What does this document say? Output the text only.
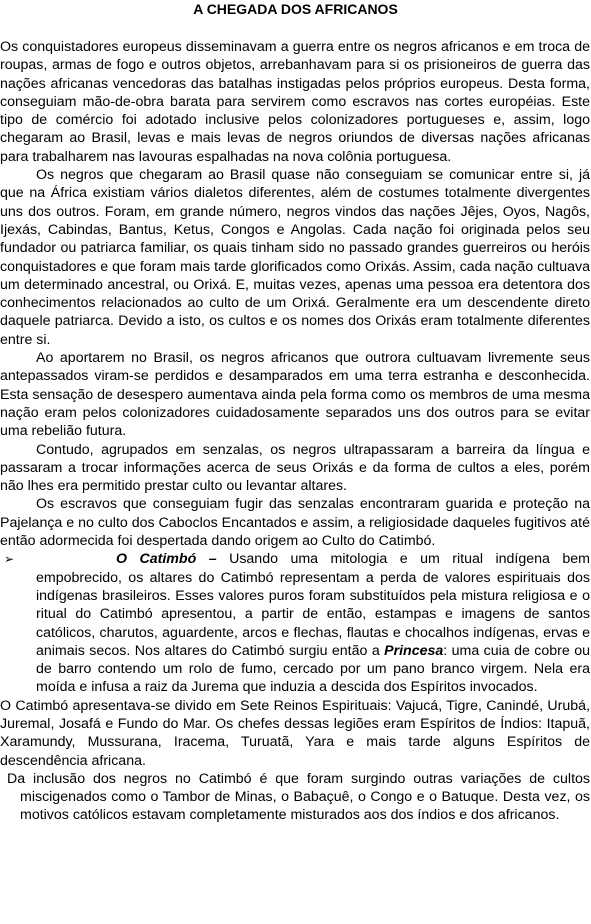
A CHEGADA DOS AFRICANOS

Os conquistadores europeus disseminavam a guerra entre os negros africanos e em troca de roupas, armas de fogo e outros objetos, arrebanhavam para si os prisioneiros de guerra das nações africanas vencedoras das batalhas instigadas pelos próprios europeus. Desta forma, conseguiam mão-de-obra barata para servirem como escravos nas cortes européias. Este tipo de comércio foi adotado inclusive pelos colonizadores portugueses e, assim, logo chegaram ao Brasil, levas e mais levas de negros oriundos de diversas nações africanas para trabalharem nas lavouras espalhadas na nova colônia portuguesa.

Os negros que chegaram ao Brasil quase não conseguiam se comunicar entre si, já que na África existiam vários dialetos diferentes, além de costumes totalmente divergentes uns dos outros. Foram, em grande número, negros vindos das nações Jêjes, Oyos, Nagôs, Ijexás, Cabindas, Bantus, Ketus, Congos e Angolas. Cada nação foi originada pelos seu fundador ou patriarca familiar, os quais tinham sido no passado grandes guerreiros ou heróis conquistadores e que foram mais tarde glorificados como Orixás. Assim, cada nação cultuava um determinado ancestral, ou Orixá. E, muitas vezes, apenas uma pessoa era detentora dos conhecimentos relacionados ao culto de um Orixá. Geralmente era um descendente direto daquele patriarca. Devido a isto, os cultos e os nomes dos Orixás eram totalmente diferentes entre si.

Ao aportarem no Brasil, os negros africanos que outrora cultuavam livremente seus antepassados viram-se perdidos e desamparados em uma terra estranha e desconhecida. Esta sensação de desespero aumentava ainda pela forma como os membros de uma mesma nação eram pelos colonizadores cuidadosamente separados uns dos outros para se evitar uma rebelião futura.

Contudo, agrupados em senzalas, os negros ultrapassaram a barreira da língua e passaram a trocar informações acerca de seus Orixás e da forma de cultos a eles, porém não lhes era permitido prestar culto ou levantar altares.

Os escravos que conseguiam fugir das senzalas encontraram guarida e proteção na Pajelança e no culto dos Caboclos Encantados e assim, a religiosidade daqueles fugitivos até então adormecida foi despertada dando origem ao Culto do Catimbó.

➢	O Catimbó – Usando uma mitologia e um ritual indígena bem empobrecido, os altares do Catimbó representam a perda de valores espirituais dos indígenas brasileiros. Esses valores puros foram substituídos pela mistura religiosa e o ritual do Catimbó apresentou, a partir de então, estampas e imagens de santos católicos, charutos, aguardente, arcos e flechas, flautas e chocalhos indígenas, ervas e animais secos. Nos altares do Catimbó surgiu então a Princesa: uma cuia de cobre ou de barro contendo um rolo de fumo, cercado por um pano branco virgem. Nela era moída e infusa a raiz da Jurema que induzia a descida dos Espíritos invocados.

O Catimbó apresentava-se divido em Sete Reinos Espirituais: Vajucá, Tigre, Canindé, Urubá, Juremal, Josafá e Fundo do Mar. Os chefes dessas legiões eram Espíritos de Índios: Itapuã, Xaramundy, Mussurana, Iracema, Turuatã, Yara e mais tarde alguns Espíritos de descendência africana.

Da inclusão dos negros no Catimbó é que foram surgindo outras variações de cultos miscigenados como o Tambor de Minas, o Babaçuê, o Congo e o Batuque. Desta vez, os motivos católicos estavam completamente misturados aos dos índios e dos africanos.
